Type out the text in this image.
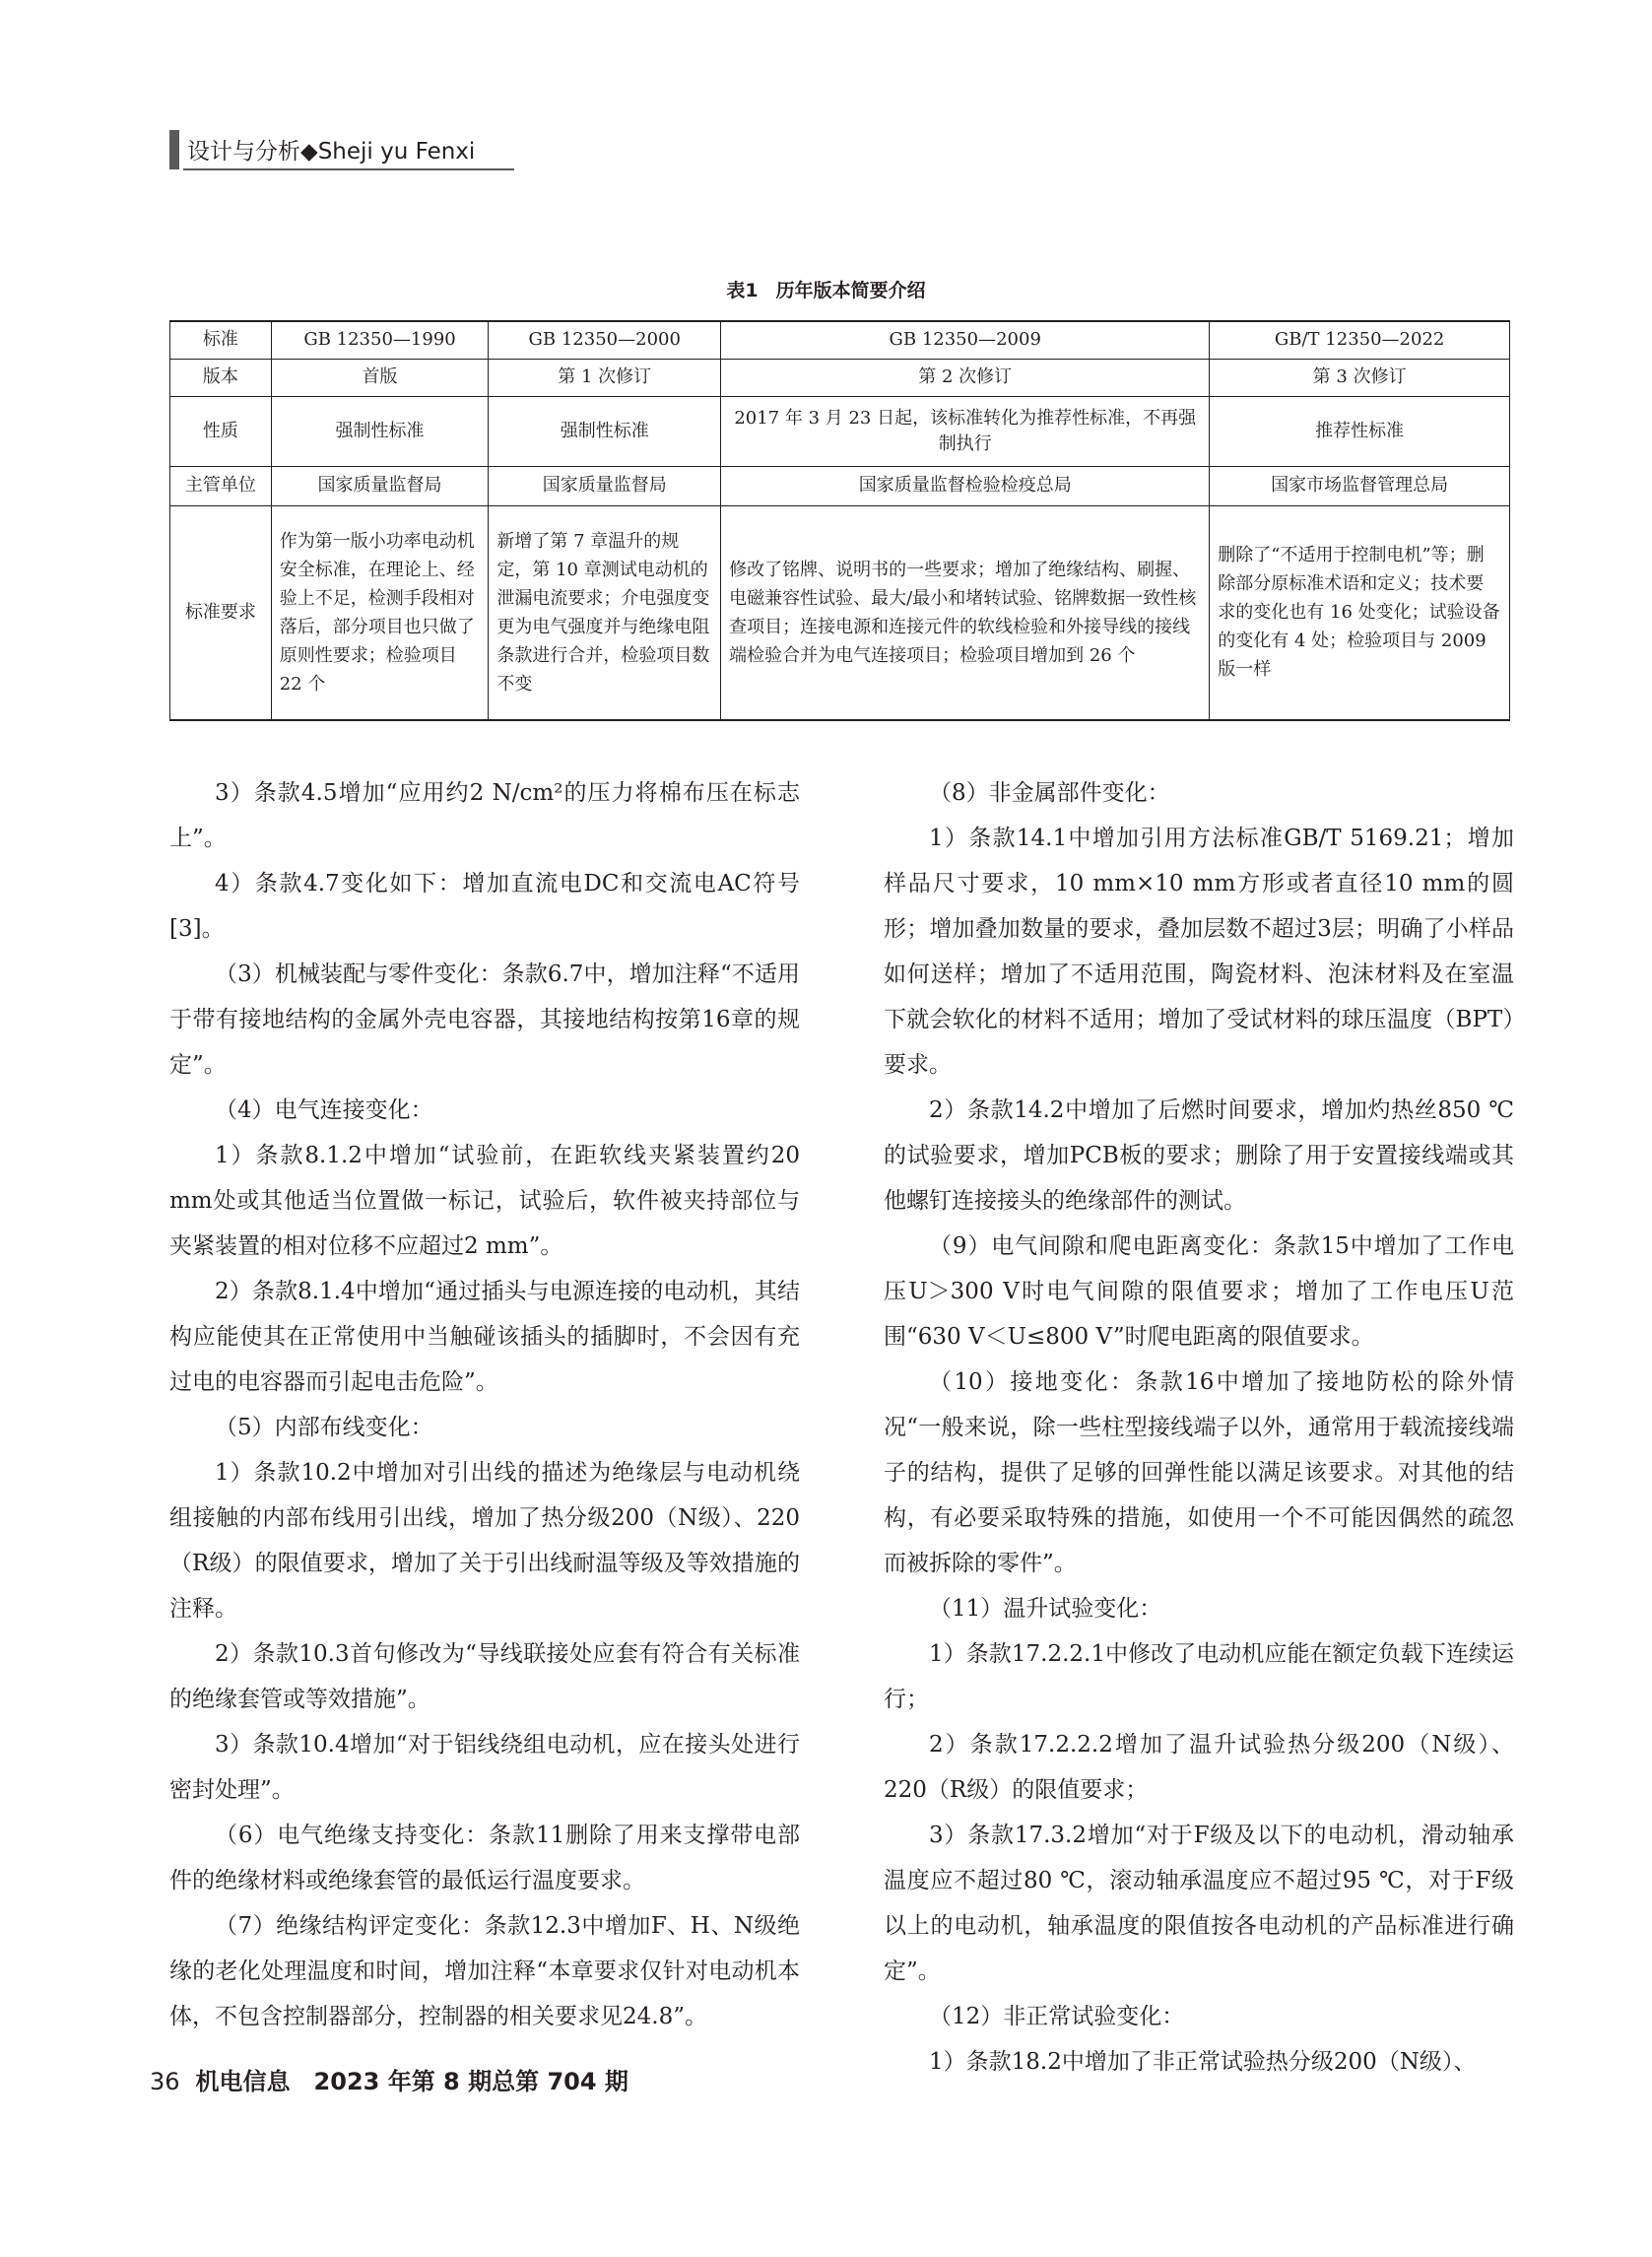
设计与分析◆Sheji yu Fenxi
表1 历年版本简要介绍
标准	GB 12350—1990	GB 12350—2000	GB 12350—2009	GB/T 12350—2022
版本	首版	第 1 次修订	第 2 次修订	第 3 次修订
性质	强制性标准	强制性标准	2017 年 3 月 23 日起，该标准转化为推荐性标准，不再强制执行	推荐性标准
主管单位	国家质量监督局	国家质量监督局	国家质量监督检验检疫总局	国家市场监督管理总局
标准要求	作为第一版小功率电动机安全标准，在理论上、经验上不足，检测手段相对落后，部分项目也只做了原则性要求；检验项目 22 个	新增了第 7 章温升的规定，第 10 章测试电动机的泄漏电流要求；介电强度变更为电气强度并与绝缘电阻条款进行合并，检验项目数不变	修改了铭牌、说明书的一些要求；增加了绝缘结构、刷握、电磁兼容性试验、最大/最小和堵转试验、铭牌数据一致性核查项目；连接电源和连接元件的软线检验和外接导线的接线端检验合并为电气连接项目；检验项目增加到 26 个	删除了“不适用于控制电机”等；删除部分原标准术语和定义；技术要求的变化也有 16 处变化；试验设备的变化有 4 处；检验项目与 2009 版一样

3）条款4.5增加“应用约2 N/cm²的压力将棉布压在标志上”。

4）条款4.7变化如下：增加直流电DC和交流电AC符号[3]。

（3）机械装配与零件变化：条款6.7中，增加注释“不适用于带有接地结构的金属外壳电容器，其接地结构按第16章的规定”。

（4）电气连接变化：

1）条款8.1.2中增加“试验前，在距软线夹紧装置约20 mm处或其他适当位置做一标记，试验后，软件被夹持部位与夹紧装置的相对位移不应超过2 mm”。

2）条款8.1.4中增加“通过插头与电源连接的电动机，其结构应能使其在正常使用中当触碰该插头的插脚时，不会因有充过电的电容器而引起电击危险”。

（5）内部布线变化：

1）条款10.2中增加对引出线的描述为绝缘层与电动机绕组接触的内部布线用引出线，增加了热分级200（N级）、220（R级）的限值要求，增加了关于引出线耐温等级及等效措施的注释。

2）条款10.3首句修改为“导线联接处应套有符合有关标准的绝缘套管或等效措施”。

3）条款10.4增加“对于铝线绕组电动机，应在接头处进行密封处理”。

（6）电气绝缘支持变化：条款11删除了用来支撑带电部件的绝缘材料或绝缘套管的最低运行温度要求。

（7）绝缘结构评定变化：条款12.3中增加F、H、N级绝缘的老化处理温度和时间，增加注释“本章要求仅针对电动机本体，不包含控制器部分，控制器的相关要求见24.8”。

（8）非金属部件变化：

1）条款14.1中增加引用方法标准GB/T 5169.21；增加样品尺寸要求，10 mm×10 mm方形或者直径10 mm的圆形；增加叠加数量的要求，叠加层数不超过3层；明确了小样品如何送样；增加了不适用范围，陶瓷材料、泡沫材料及在室温下就会软化的材料不适用；增加了受试材料的球压温度（BPT）要求。

2）条款14.2中增加了后燃时间要求，增加灼热丝850 ℃的试验要求，增加PCB板的要求；删除了用于安置接线端或其他螺钉连接接头的绝缘部件的测试。

（9）电气间隙和爬电距离变化：条款15中增加了工作电压U＞300 V时电气间隙的限值要求；增加了工作电压U范围“630 V＜U≤800 V”时爬电距离的限值要求。

（10）接地变化：条款16中增加了接地防松的除外情况“一般来说，除一些柱型接线端子以外，通常用于载流接线端子的结构，提供了足够的回弹性能以满足该要求。对其他的结构，有必要采取特殊的措施，如使用一个不可能因偶然的疏忽而被拆除的零件”。

（11）温升试验变化：

1）条款17.2.2.1中修改了电动机应能在额定负载下连续运行；

2）条款17.2.2.2增加了温升试验热分级200（N级）、220（R级）的限值要求；

3）条款17.3.2增加“对于F级及以下的电动机，滑动轴承温度应不超过80 ℃，滚动轴承温度应不超过95 ℃，对于F级以上的电动机，轴承温度的限值按各电动机的产品标准进行确定”。

（12）非正常试验变化：

1）条款18.2中增加了非正常试验热分级200（N级）、

36 机电信息　2023 年第 8 期总第 704 期
